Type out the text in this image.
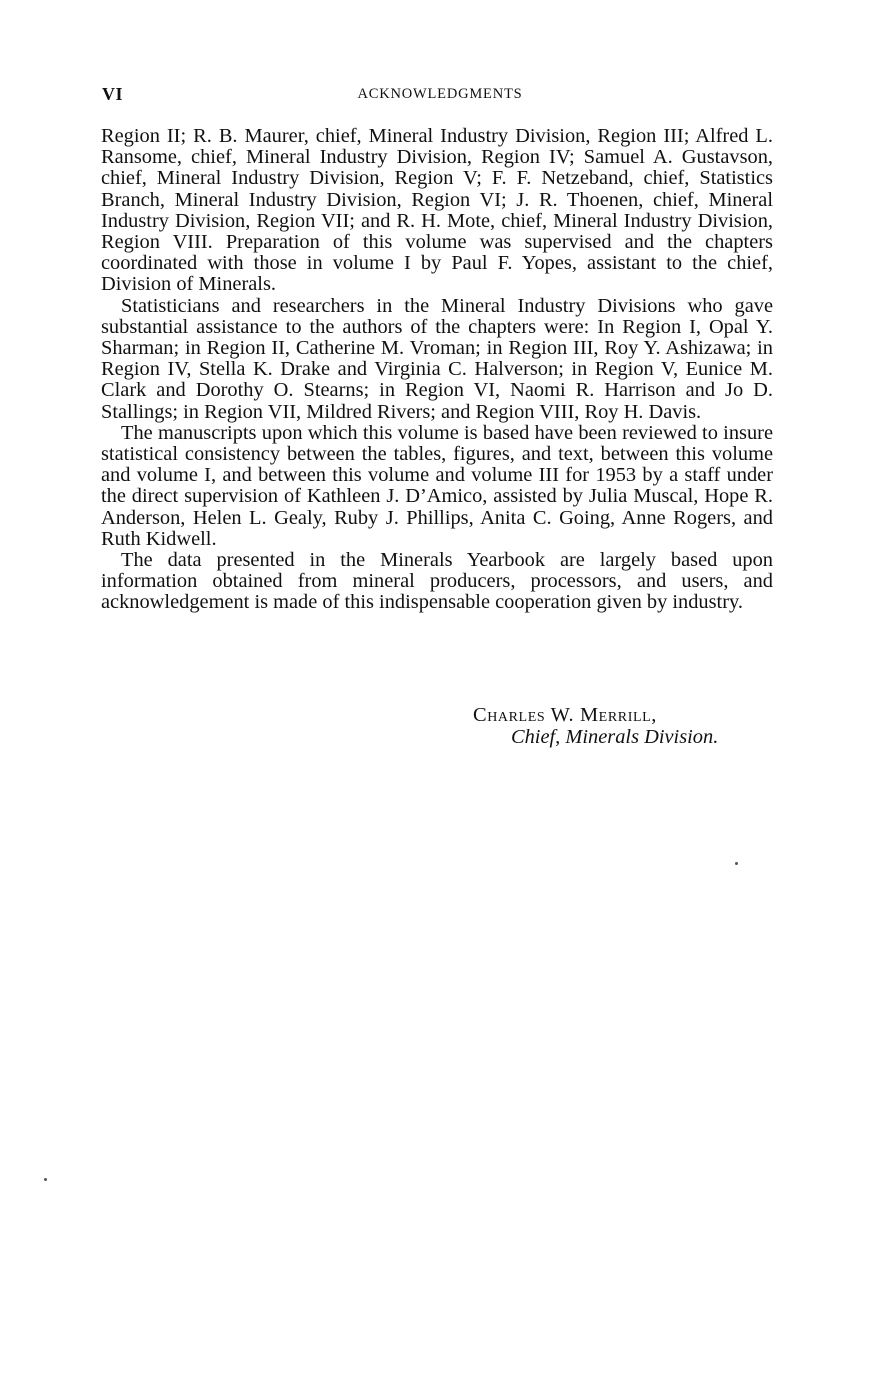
VI	ACKNOWLEDGMENTS

Region II; R. B. Maurer, chief, Mineral Industry Division, Region III; Alfred L. Ransome, chief, Mineral Industry Division, Region IV; Samuel A. Gustavson, chief, Mineral Industry Division, Region V; F. F. Netzeband, chief, Statistics Branch, Mineral Industry Division, Region VI; J. R. Thoenen, chief, Mineral Industry Division, Region VII; and R. H. Mote, chief, Mineral Industry Division, Region VIII. Preparation of this volume was supervised and the chapters coordinated with those in volume I by Paul F. Yopes, assistant to the chief, Division of Minerals.

Statisticians and researchers in the Mineral Industry Divisions who gave substantial assistance to the authors of the chapters were: In Region I, Opal Y. Sharman; in Region II, Catherine M. Vroman; in Region III, Roy Y. Ashizawa; in Region IV, Stella K. Drake and Virginia C. Halverson; in Region V, Eunice M. Clark and Dorothy O. Stearns; in Region VI, Naomi R. Harrison and Jo D. Stallings; in Region VII, Mildred Rivers; and Region VIII, Roy H. Davis.

The manuscripts upon which this volume is based have been reviewed to insure statistical consistency between the tables, figures, and text, between this volume and volume I, and between this volume and volume III for 1953 by a staff under the direct supervision of Kathleen J. D’Amico, assisted by Julia Muscal, Hope R. Anderson, Helen L. Gealy, Ruby J. Phillips, Anita C. Going, Anne Rogers, and Ruth Kidwell.

The data presented in the Minerals Yearbook are largely based upon information obtained from mineral producers, processors, and users, and acknowledgement is made of this indispensable cooperation given by industry.

Charles W. Merrill,
Chief, Minerals Division.
